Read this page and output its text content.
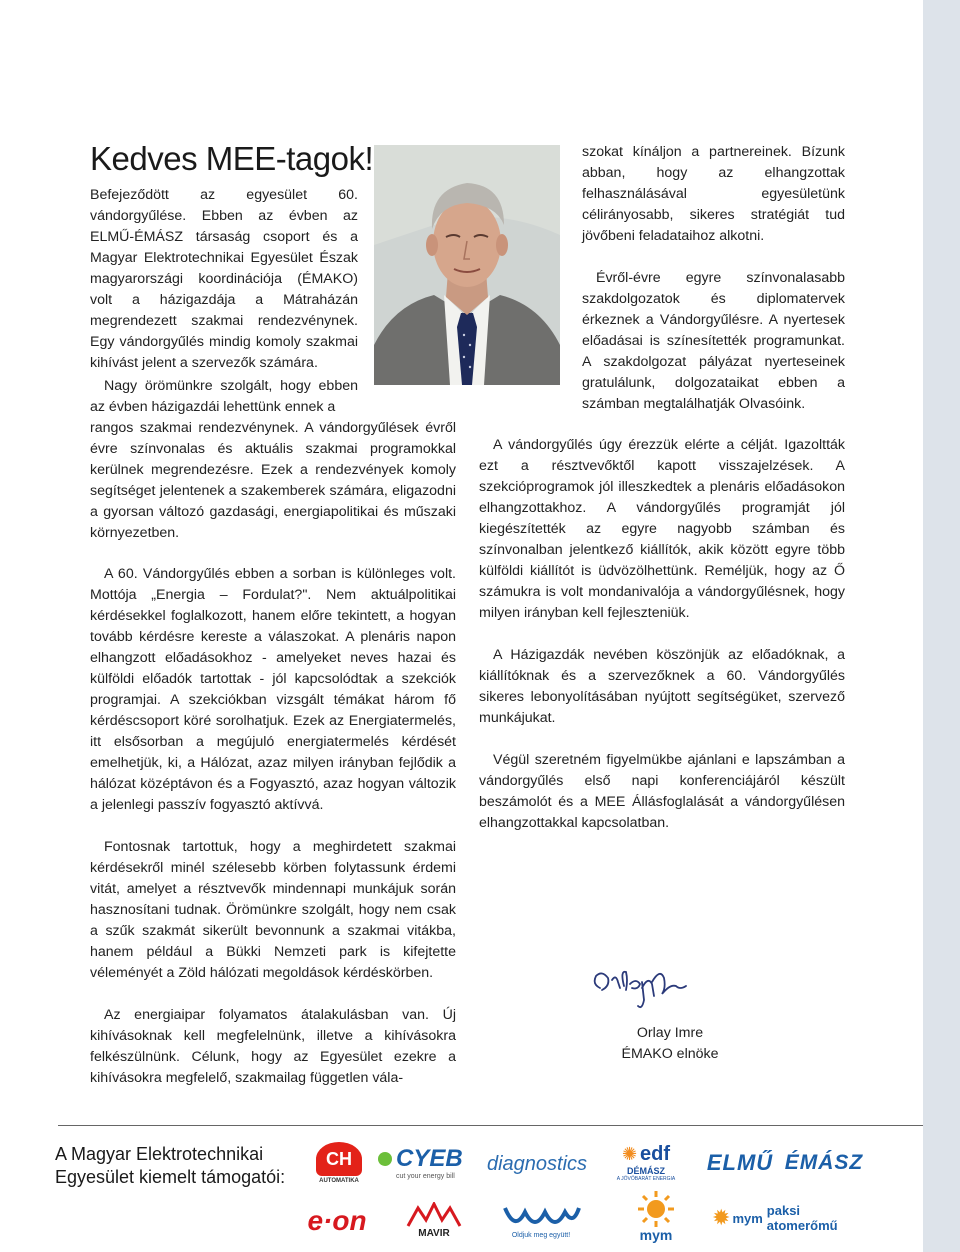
Kedves MEE-tagok!

Befejeződött az egyesület 60. vándorgyűlése. Ebben az évben az ELMŰ-ÉMÁSZ társaság csoport és a Magyar Elektrotechnikai Egyesület Észak magyarországi koordinációja (ÉMAKO) volt a házigazdája a Mátraházán megrendezett szakmai rendezvénynek. Egy vándorgyűlés mindig komoly szakmai kihívást jelent a szervezők számára.

Nagy örömünkre szolgált, hogy ebben az évben házigazdái lehettünk ennek a

rangos szakmai rendezvénynek. A vándorgyűlések évről évre színvonalas és aktuális szakmai programokkal kerülnek megrendezésre. Ezek a rendezvények komoly segítséget jelentenek a szakemberek számára, eligazodni a gyorsan változó gazdasági, energiapolitikai és műszaki környezetben.

A 60. Vándorgyűlés ebben a sorban is különleges volt. Mottója „Energia – Fordulat?". Nem aktuálpolitikai kérdésekkel foglalkozott, hanem előre tekintett, a hogyan tovább kérdésre kereste a válaszokat. A plenáris napon elhangzott előadásokhoz - amelyeket neves hazai és külföldi előadók tartottak - jól kapcsolódtak a szekciók programjai. A szekciókban vizsgált témákat három fő kérdéscsoport köré sorolhatjuk. Ezek az Energiatermelés, itt elsősorban a megújuló energiatermelés kérdését emelhetjük, ki, a Hálózat, azaz milyen irányban fejlődik a hálózat középtávon és a Fogyasztó, azaz hogyan változik a jelenlegi passzív fogyasztó aktívvá.

Fontosnak tartottuk, hogy a meghirdetett szakmai kérdésekről minél szélesebb körben folytassunk érdemi vitát, amelyet a résztvevők mindennapi munkájuk során hasznosítani tudnak. Örömünkre szolgált, hogy nem csak a szűk szakmát sikerült bevonnunk a szakmai vitákba, hanem például a Bükki Nemzeti park is kifejtette véleményét a Zöld hálózati megoldások kérdéskörben.

Az energiaipar folyamatos átalakulásban van. Új kihívásoknak kell megfelelnünk, illetve a kihívásokra felkészülnünk. Célunk, hogy az Egyesület ezekre a kihívásokra megfelelő, szakmailag független vála-

szokat kínáljon a partnereinek. Bízunk abban, hogy az elhangzottak felhasználásával egyesületünk célirányosabb, sikeres stratégiát tud jövőbeni feladataihoz alkotni.

Évről-évre egyre színvonalasabb szakdolgozatok és diplomatervek érkeznek a Vándorgyűlésre. A nyertesek előadásai is színesítették programunkat. A szakdolgozat pályázat nyerteseinek gratulálunk, dolgozataikat ebben a számban megtalálhatják Olvasóink.

A vándorgyűlés úgy érezzük elérte a célját. Igazoltták ezt a résztvevőktől kapott visszajelzések. A szekcióprogramok jól illeszkedtek a plenáris előadásokon elhangzottakhoz. A vándorgyűlés programját jól kiegészítették az egyre nagyobb számban és színvonalban jelentkező kiállítók, akik között egyre több külföldi kiállítót is üdvözölhettünk. Reméljük, hogy az Ő számukra is volt mondanivalója a vándorgyűlésnek, hogy milyen irányban kell fejleszteniük.

A Házigazdák nevében köszönjük az előadóknak, a kiállítóknak és a szervezőknek a 60. Vándorgyűlés sikeres lebonyolításában nyújtott segítségüket, szervező munkájukat.

Végül szeretném figyelmükbe ajánlani e lapszámban a vándorgyűlés első napi konferenciájáról készült beszámolót és a MEE Állásfoglalását a vándorgyűlésen elhangzottakkal kapcsolatban.

Orlay Imre
ÉMAKO elnöke
A Magyar Elektrotechnikai
Egyesület kiemelt támogatói:
CH
AUTOMATIKA
CYEB
cut your energy bill
diagnostics ✺ edf
DÉMÁSZ
A JÖVŐBARÁT ENERGIA
ELMŰ ÉMÁSZ
e·on	MAVIR	Oldjuk meg együtt!	mym
✹ mym paksi atomerőmű
